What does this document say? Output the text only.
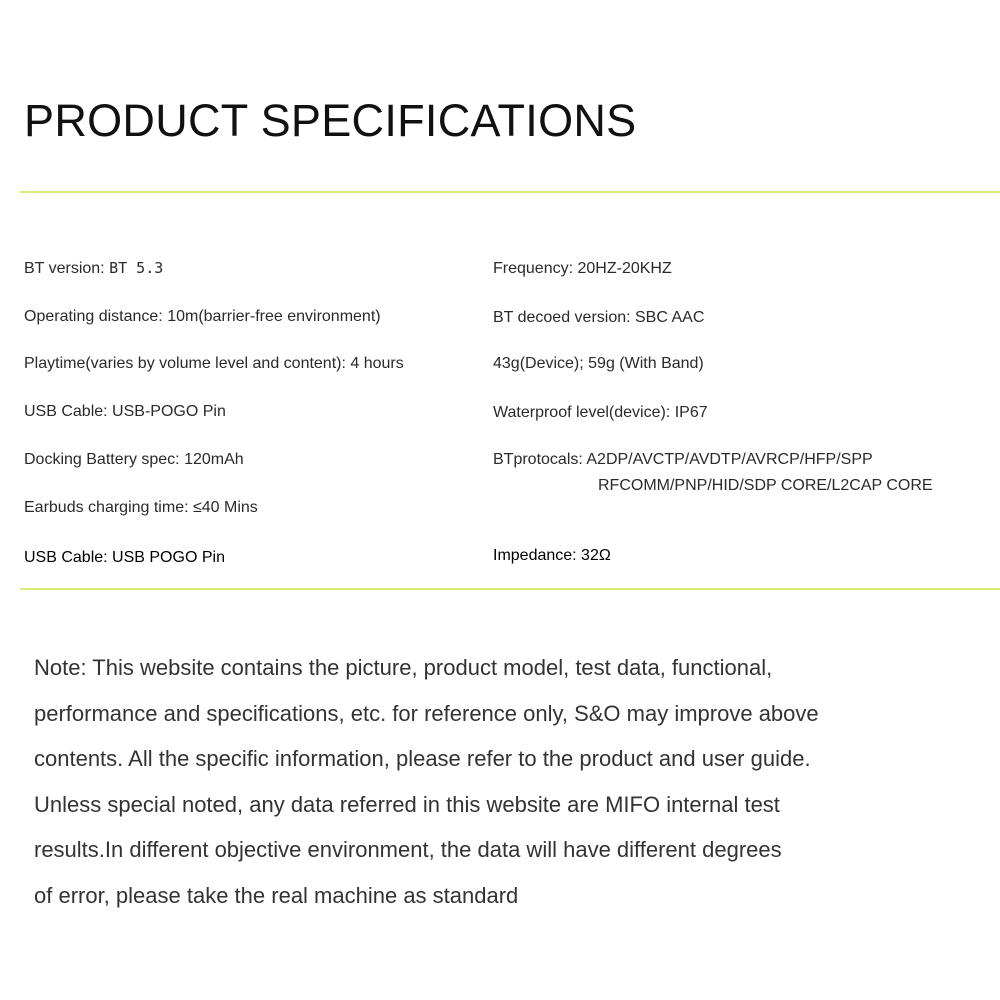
PRODUCT SPECIFICATIONS
BT version: BT 5.3
Operating distance: 10m(barrier-free environment)
Playtime(varies by volume level and content): 4 hours
USB Cable: USB-POGO Pin
Docking Battery spec: 120mAh
Earbuds charging time: ≤40 Mins
USB Cable: USB POGO Pin
Frequency: 20HZ-20KHZ
BT decoed version: SBC AAC
43g(Device); 59g (With Band)
Waterproof level(device): IP67
BTprotocals: A2DP/AVCTP/AVDTP/AVRCP/HFP/SPP
RFCOMM/PNP/HID/SDP CORE/L2CAP CORE
Impedance: 32Ω
Note: This website contains the picture, product model, test data, functional,
performance and specifications, etc. for reference only, S&O may improve above
contents. All the specific information, please refer to the product and user guide.
Unless special noted, any data referred in this website are MIFO internal test
results.In different objective environment, the data will have different degrees
of error, please take the real machine as standard
